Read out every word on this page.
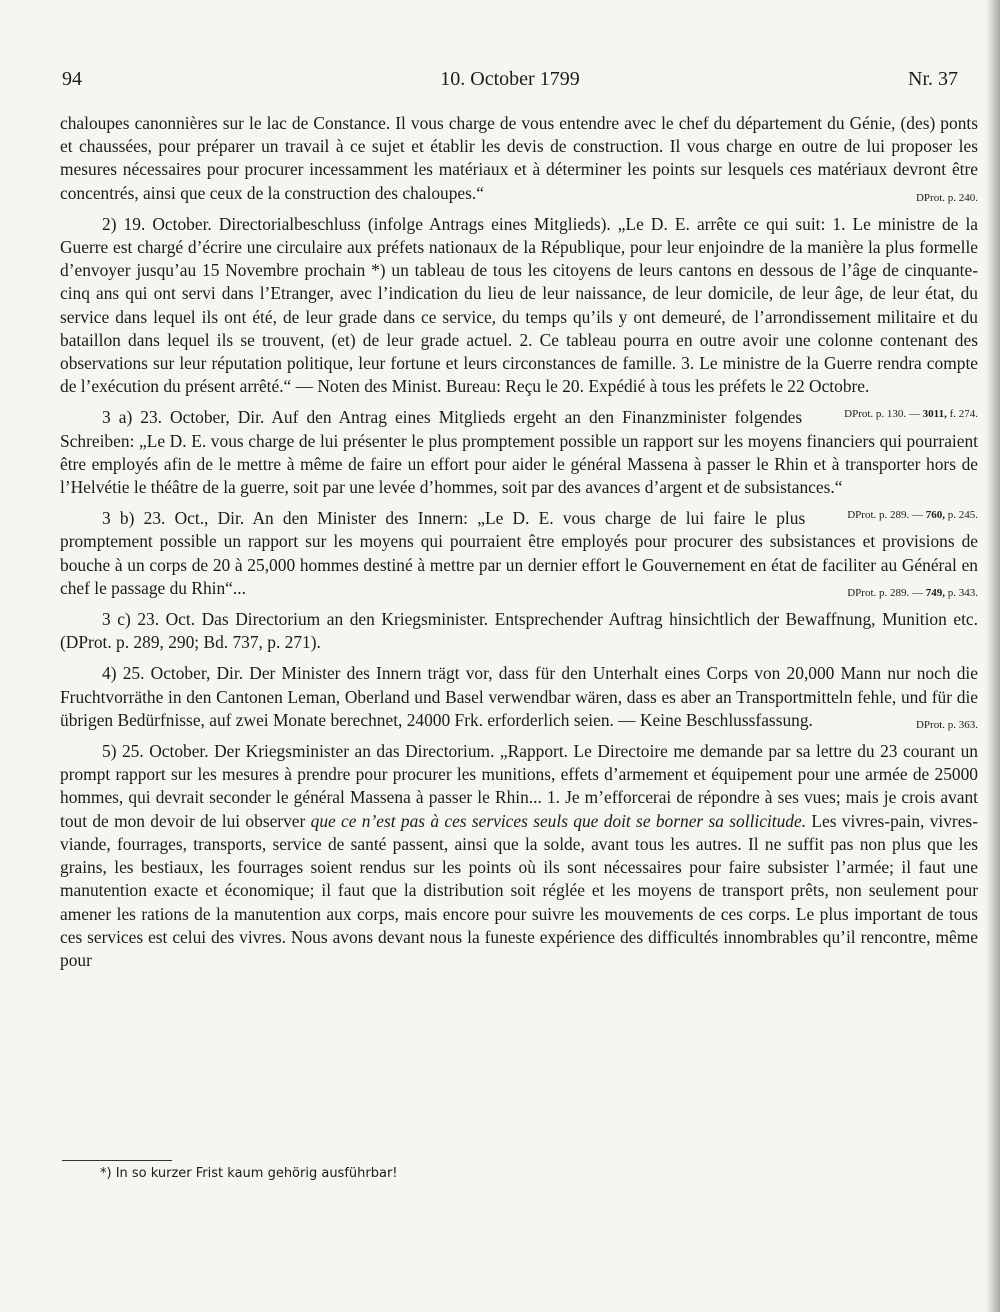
94	10. October 1799	Nr. 37

chaloupes canonnières sur le lac de Constance. Il vous charge de vous entendre avec le chef du département du Génie, (des) ponts et chaussées, pour préparer un travail à ce sujet et établir les devis de construction. Il vous charge en outre de lui proposer les mesures nécessaires pour procurer incessamment les matériaux et à déterminer les points sur lesquels ces matériaux devront être concentrés, ainsi que ceux de la construction des chaloupes.“	DProt. p. 240.

2) 19. October. Directorialbeschluss (infolge Antrags eines Mitglieds). „Le D. E. arrête ce qui suit: 1. Le ministre de la Guerre est chargé d’écrire une circulaire aux préfets nationaux de la République, pour leur enjoindre de la manière la plus formelle d’envoyer jusqu’au 15 Novembre prochain *) un tableau de tous les citoyens de leurs cantons en dessous de l’âge de cinquante-cinq ans qui ont servi dans l’Etranger, avec l’indication du lieu de leur naissance, de leur domicile, de leur âge, de leur état, du service dans lequel ils ont été, de leur grade dans ce service, du temps qu’ils y ont demeuré, de l’arrondissement militaire et du bataillon dans lequel ils se trouvent, (et) de leur grade actuel. 2. Ce tableau pourra en outre avoir une colonne contenant des observations sur leur réputation politique, leur fortune et leurs circonstances de famille. 3. Le ministre de la Guerre rendra compte de l’exécution du présent arrêté.“ — Noten des Minist. Bureau: Reçu le 20. Expédié à tous les préfets le 22 Octobre.
DProt. p. 130. — 3011, f. 274.

3 a) 23. October, Dir. Auf den Antrag eines Mitglieds ergeht an den Finanzminister folgendes Schreiben: „Le D. E. vous charge de lui présenter le plus promptement possible un rapport sur les moyens financiers qui pourraient être employés afin de le mettre à même de faire un effort pour aider le général Massena à passer le Rhin et à transporter hors de l’Helvétie le théâtre de la guerre, soit par une levée d’hommes, soit par des avances d’argent et de subsistances.“
DProt. p. 289. — 760, p. 245.

3 b) 23. Oct., Dir. An den Minister des Innern: „Le D. E. vous charge de lui faire le plus promptement possible un rapport sur les moyens qui pourraient être employés pour procurer des subsistances et provisions de bouche à un corps de 20 à 25,000 hommes destiné à mettre par un dernier effort le Gouvernement en état de faciliter au Général en chef le passage du Rhin“...	DProt. p. 289. — 749, p. 343.

3 c) 23. Oct. Das Directorium an den Kriegsminister. Entsprechender Auftrag hinsichtlich der Bewaffnung, Munition etc. (DProt. p. 289, 290; Bd. 737, p. 271).

4) 25. October, Dir. Der Minister des Innern trägt vor, dass für den Unterhalt eines Corps von 20,000 Mann nur noch die Fruchtvorräthe in den Cantonen Leman, Oberland und Basel verwendbar wären, dass es aber an Transportmitteln fehle, und für die übrigen Bedürfnisse, auf zwei Monate berechnet, 24000 Frk. erforderlich seien. — Keine Beschlussfassung.	DProt. p. 363.

5) 25. October. Der Kriegsminister an das Directorium. „Rapport. Le Directoire me demande par sa lettre du 23 courant un prompt rapport sur les mesures à prendre pour procurer les munitions, effets d’armement et équipement pour une armée de 25000 hommes, qui devrait seconder le général Massena à passer le Rhin... 1. Je m’efforcerai de répondre à ses vues; mais je crois avant tout de mon devoir de lui observer que ce n’est pas à ces services seuls que doit se borner sa sollicitude. Les vivres-pain, vivres-viande, fourrages, transports, service de santé passent, ainsi que la solde, avant tous les autres. Il ne suffit pas non plus que les grains, les bestiaux, les fourrages soient rendus sur les points où ils sont nécessaires pour faire subsister l’armée; il faut une manutention exacte et économique; il faut que la distribution soit réglée et les moyens de transport prêts, non seulement pour amener les rations de la manutention aux corps, mais encore pour suivre les mouvements de ces corps. Le plus important de tous ces services est celui des vivres. Nous avons devant nous la funeste expérience des difficultés innombrables qu’il rencontre, même pour

*) In so kurzer Frist kaum gehörig ausführbar!
